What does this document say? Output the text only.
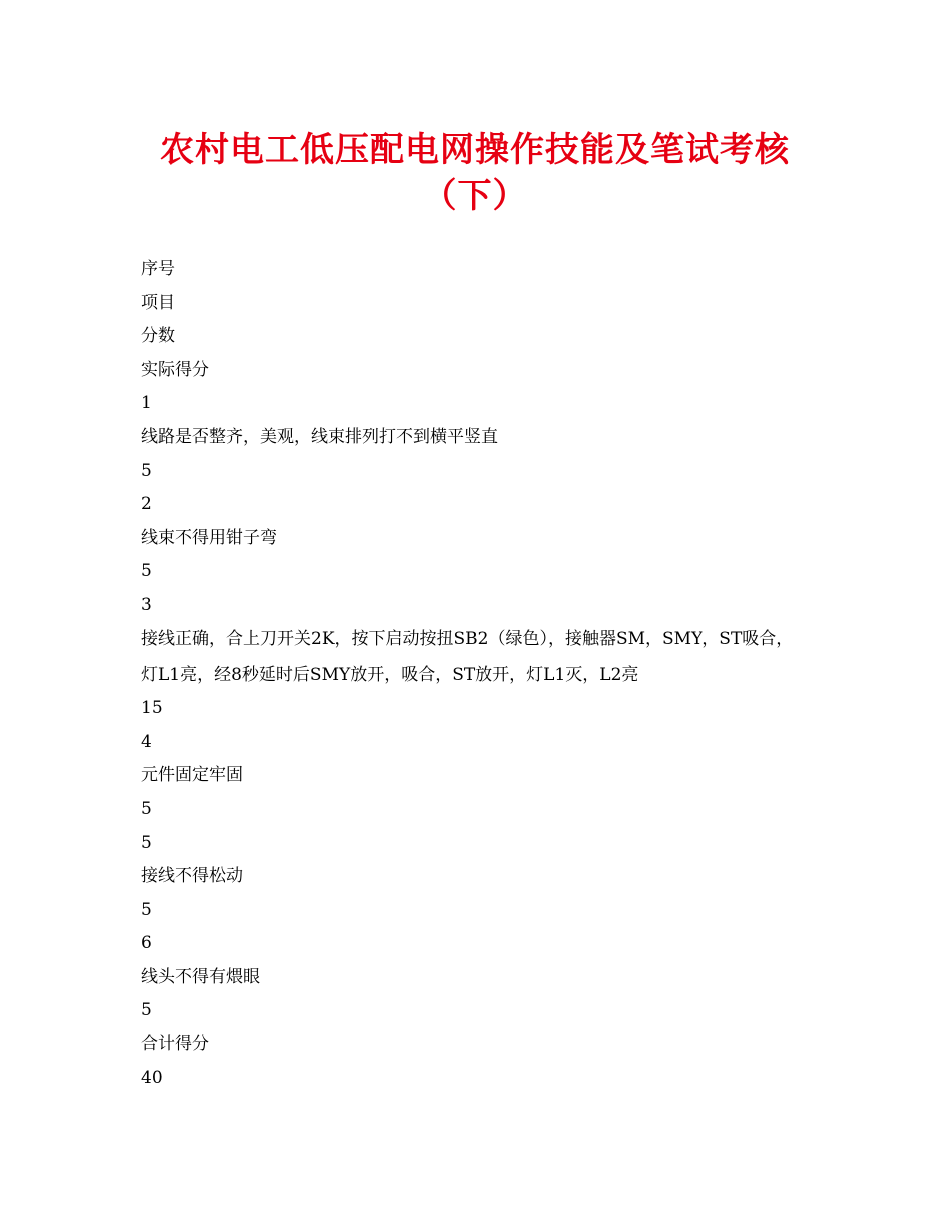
农村电工低压配电网操作技能及笔试考核
（下）
序号
项目
分数
实际得分
1
线路是否整齐，美观，线束排列打不到横平竖直
5
2
线束不得用钳子弯
5
3
接线正确，合上刀开关2K，按下启动按扭SB2（绿色），接触器SM，SMY，ST吸合，
灯L1亮，经8秒延时后SMY放开，吸合，ST放开，灯L1灭，L2亮
15
4
元件固定牢固
5
5
接线不得松动
5
6
线头不得有煨眼
5
合计得分
40
